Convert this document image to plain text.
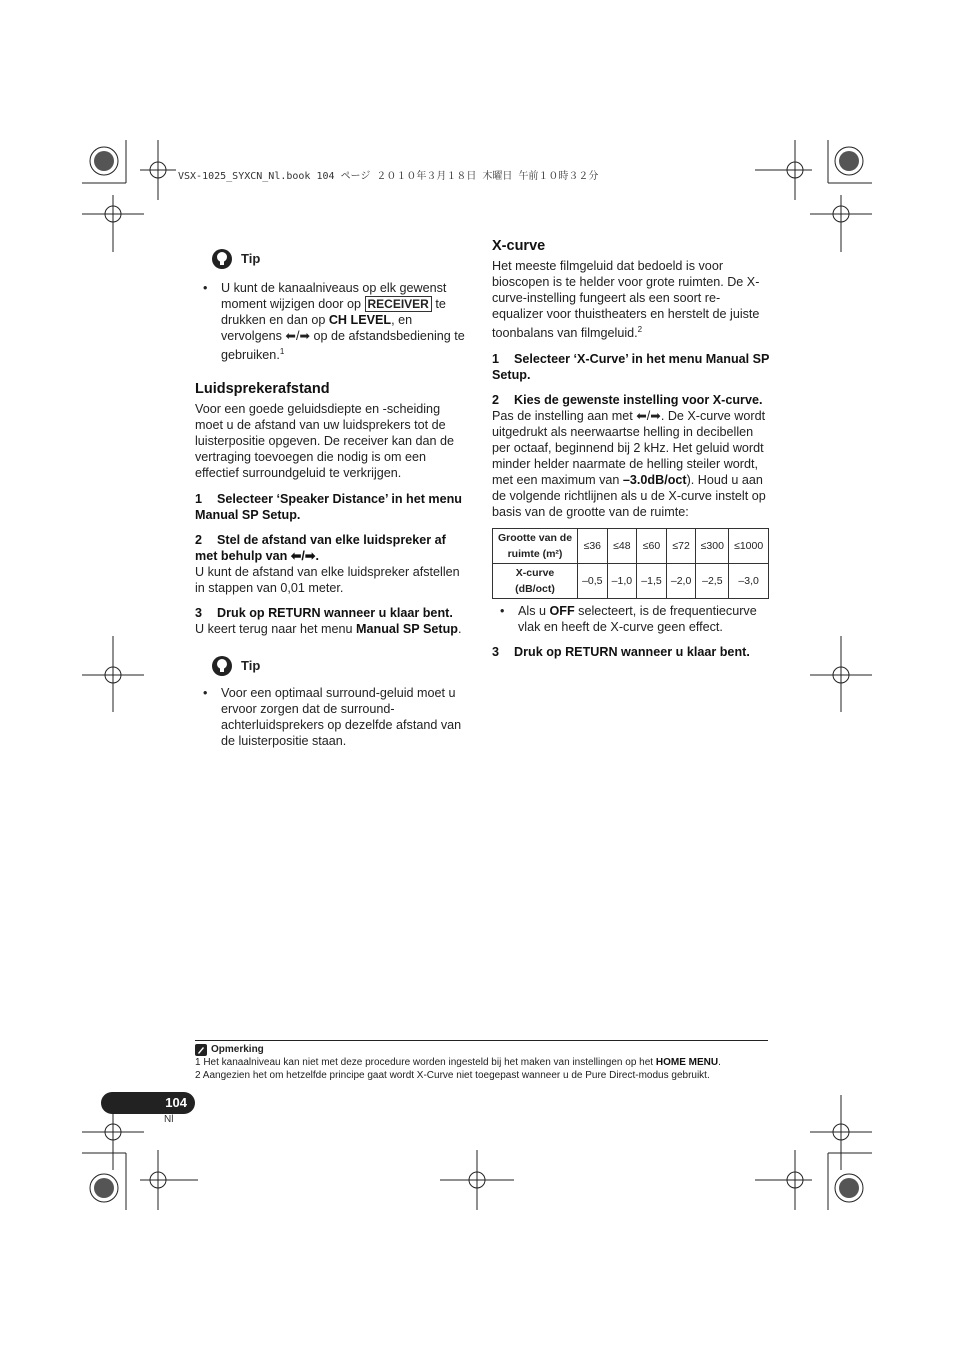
VSX-1025_SYXCN_Nl.book 104 ページ ２０１０年３月１８日 木曜日 午前１０時３２分
Tip
•	U kunt de kanaalniveaus op elk gewenst moment wijzigen door op RECEIVER te drukken en dan op CH LEVEL, en vervolgens ⬅/➡ op de afstandsbediening te gebruiken.$^1$
Luidsprekerafstand

Voor een goede geluidsdiepte en -scheiding moet u de afstand van uw luidsprekers tot de luisterpositie opgeven. De receiver kan dan de vertraging toevoegen die nodig is om een effectief surroundgeluid te verkrijgen.

1 Selecteer ‘Speaker Distance’ in het menu Manual SP Setup.

2 Stel de afstand van elke luidspreker af met behulp van ⬅/➡.

U kunt de afstand van elke luidspreker afstellen in stappen van 0,01 meter.

3 Druk op RETURN wanneer u klaar bent.

U keert terug naar het menu Manual SP Setup.

Tip
•	Voor een optimaal surround-geluid moet u ervoor zorgen dat de surround-achterluidsprekers op dezelfde afstand van de luisterpositie staan.
X-curve

Het meeste filmgeluid dat bedoeld is voor bioscopen is te helder voor grote ruimten. De X-curve-instelling fungeert als een soort re-equalizer voor thuistheaters en herstelt de juiste toonbalans van filmgeluid.$^2$

1 Selecteer ‘X-Curve’ in het menu Manual SP Setup.

2 Kies de gewenste instelling voor X-curve.

Pas de instelling aan met ⬅/➡. De X-curve wordt uitgedrukt als neerwaartse helling in decibellen per octaaf, beginnend bij 2 kHz. Het geluid wordt minder helder naarmate de helling steiler wordt, met een maximum van –3.0dB/oct). Houd u aan de volgende richtlijnen als u de X-curve instelt op basis van de grootte van de ruimte:

Grootte van de ruimte (m²)	≤36	≤48	≤60	≤72	≤300	≤1000
X-curve (dB/oct)	–0,5	–1,0	–1,5	–2,0	–2,5	–3,0
•	Als u OFF selecteert, is de frequentiecurve vlak en heeft de X-curve geen effect.

3 Druk op RETURN wanneer u klaar bent.

Opmerking
1 Het kanaalniveau kan niet met deze procedure worden ingesteld bij het maken van instellingen op het HOME MENU.
2 Aangezien het om hetzelfde principe gaat wordt X-Curve niet toegepast wanneer u de Pure Direct-modus gebruikt.
104
Nl
